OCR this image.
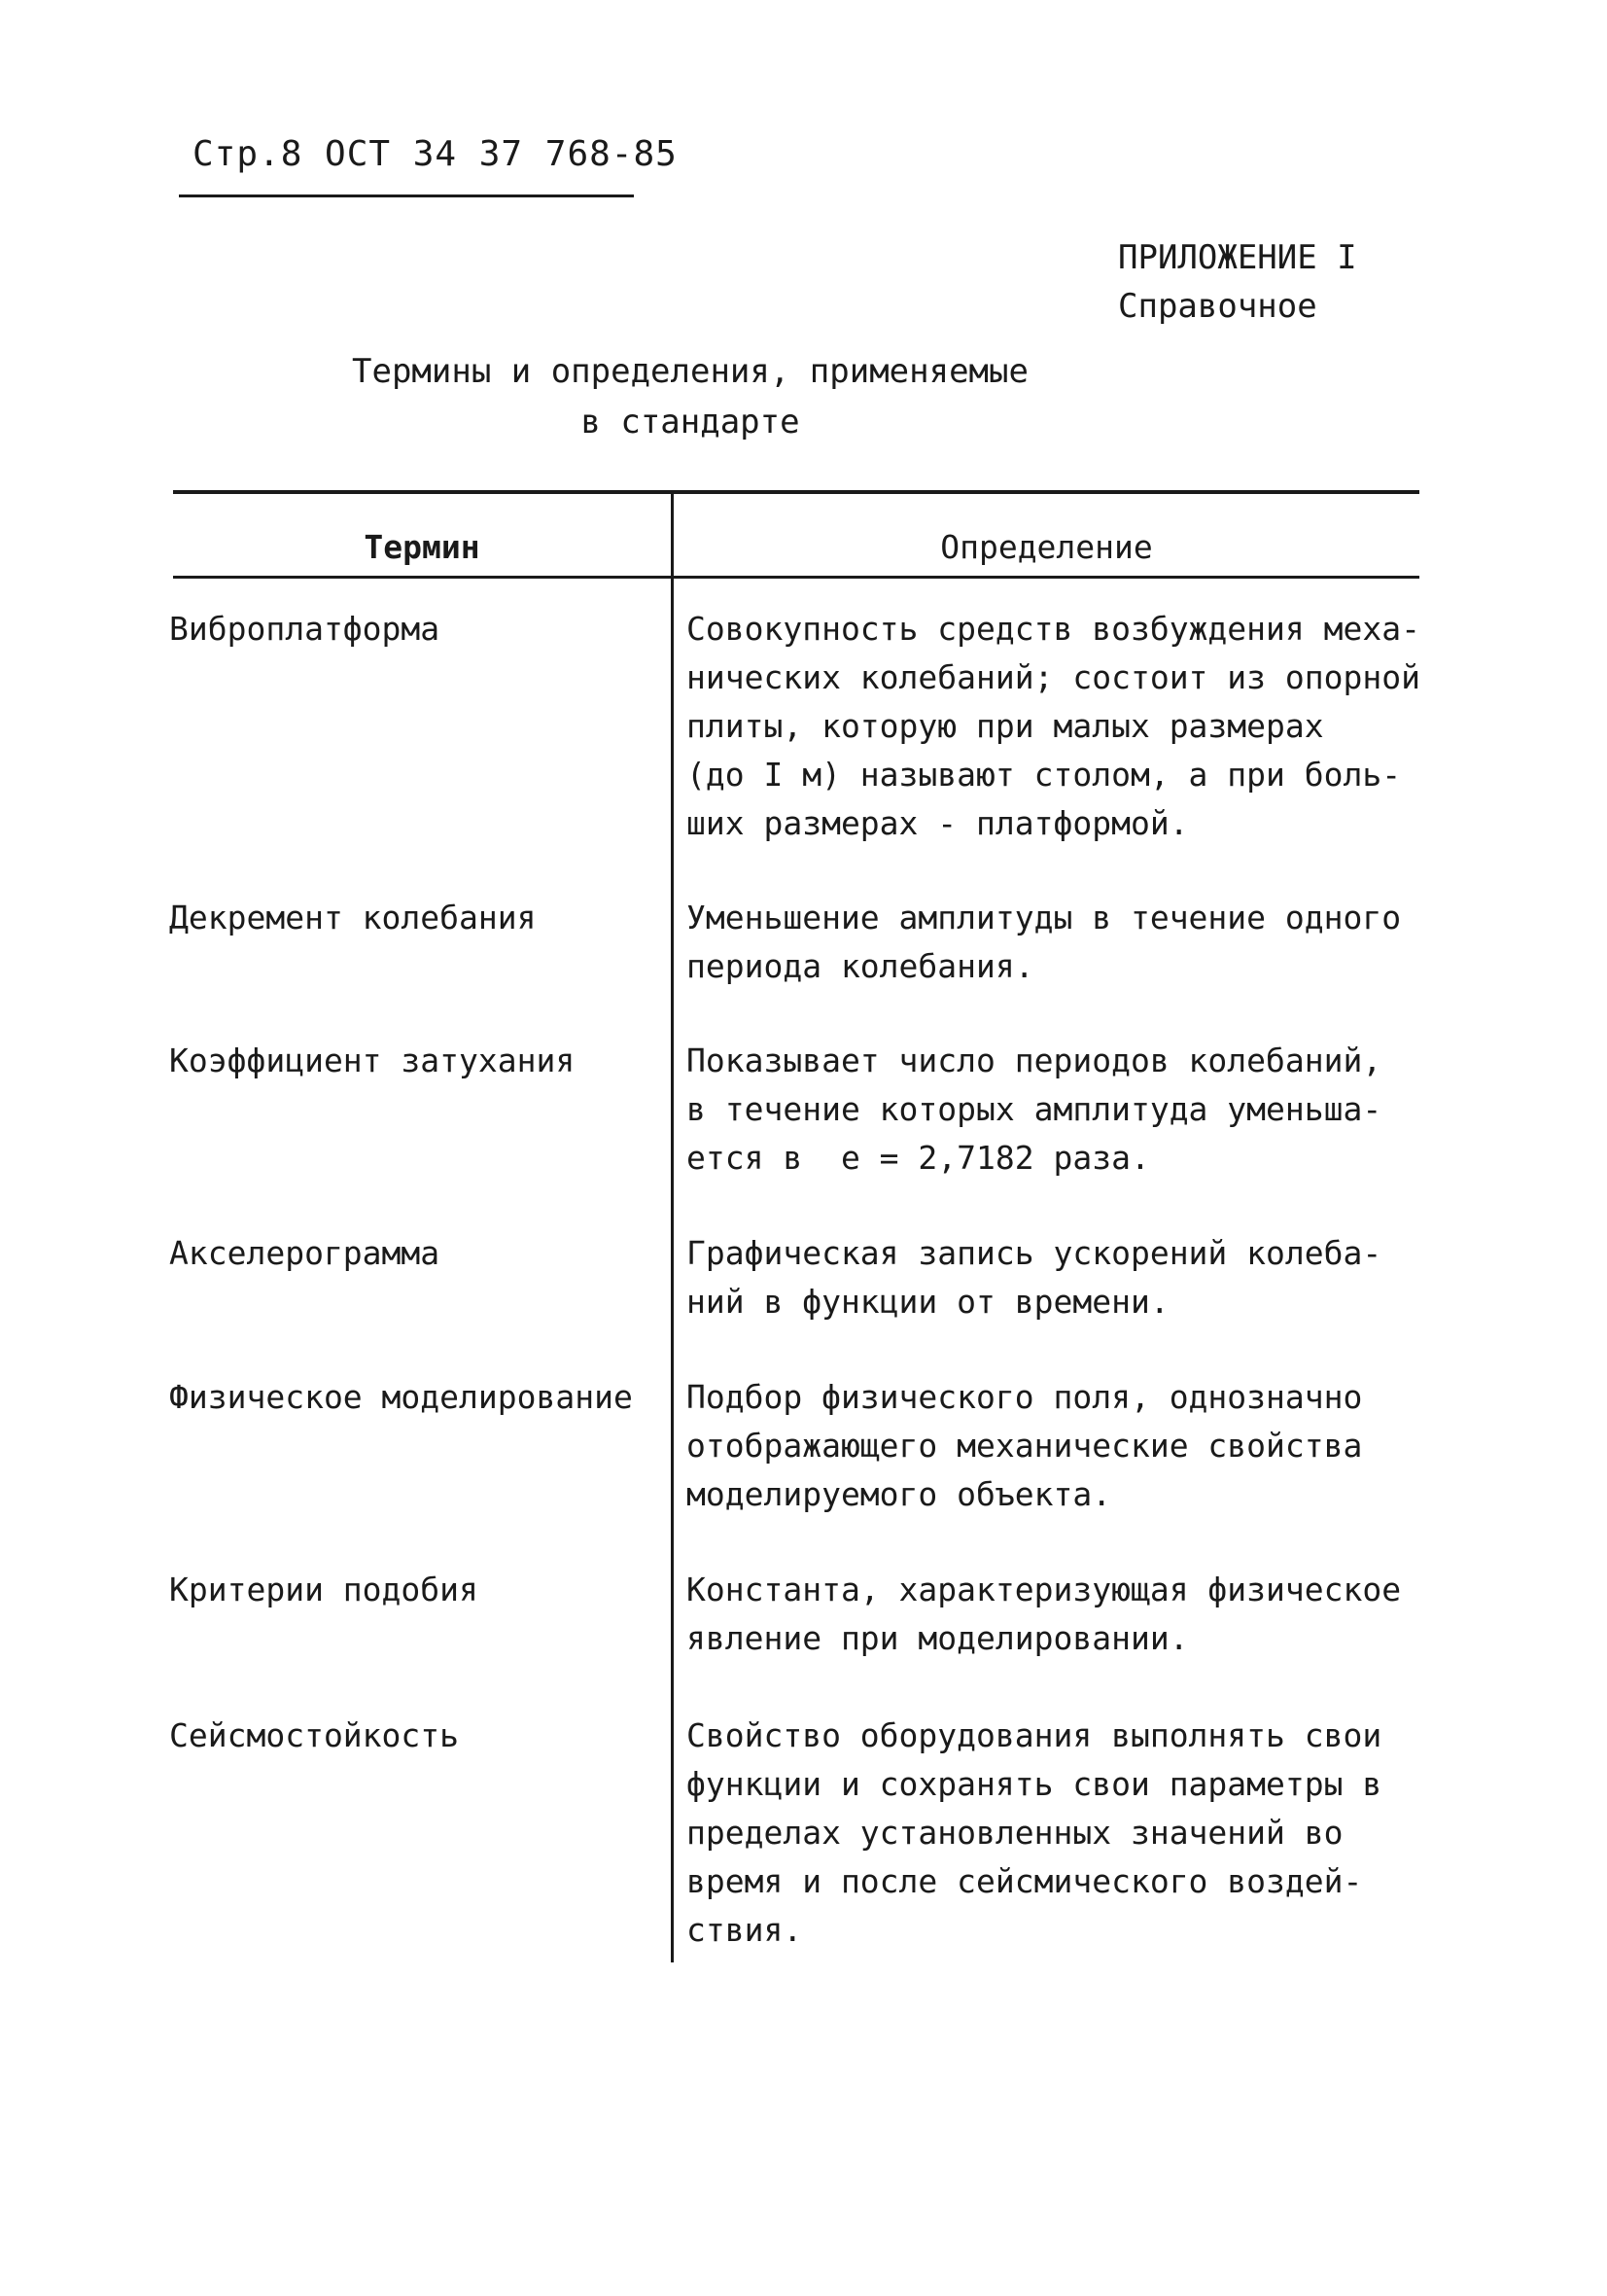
Стр.8 ОСТ 34 37 768-85
ПРИЛОЖЕНИЕ I
Справочное
Термины и определения, применяемые
в стандарте
Термин	Определение
Виброплатформа	Совокупность средств возбуждения меха-
нических колебаний; состоит из опорной
плиты, которую при малых размерах
(до I м) называют столом, а при боль-
ших размерах - платформой.
Декремент колебания	Уменьшение амплитуды в течение одного
периода колебания.
Коэффициент затухания	Показывает число периодов колебаний,
в течение которых амплитуда уменьша-
ется в  e = 2,7182 раза.
Акселерограмма	Графическая запись ускорений колеба-
ний в функции от времени.
Физическое моделирование	Подбор физического поля, однозначно
отображающего механические свойства
моделируемого объекта.
Критерии подобия	Константа, характеризующая физическое
явление при моделировании.
Сейсмостойкость	Свойство оборудования выполнять свои
функции и сохранять свои параметры в
пределах установленных значений во
время и после сейсмического воздей-
ствия.
